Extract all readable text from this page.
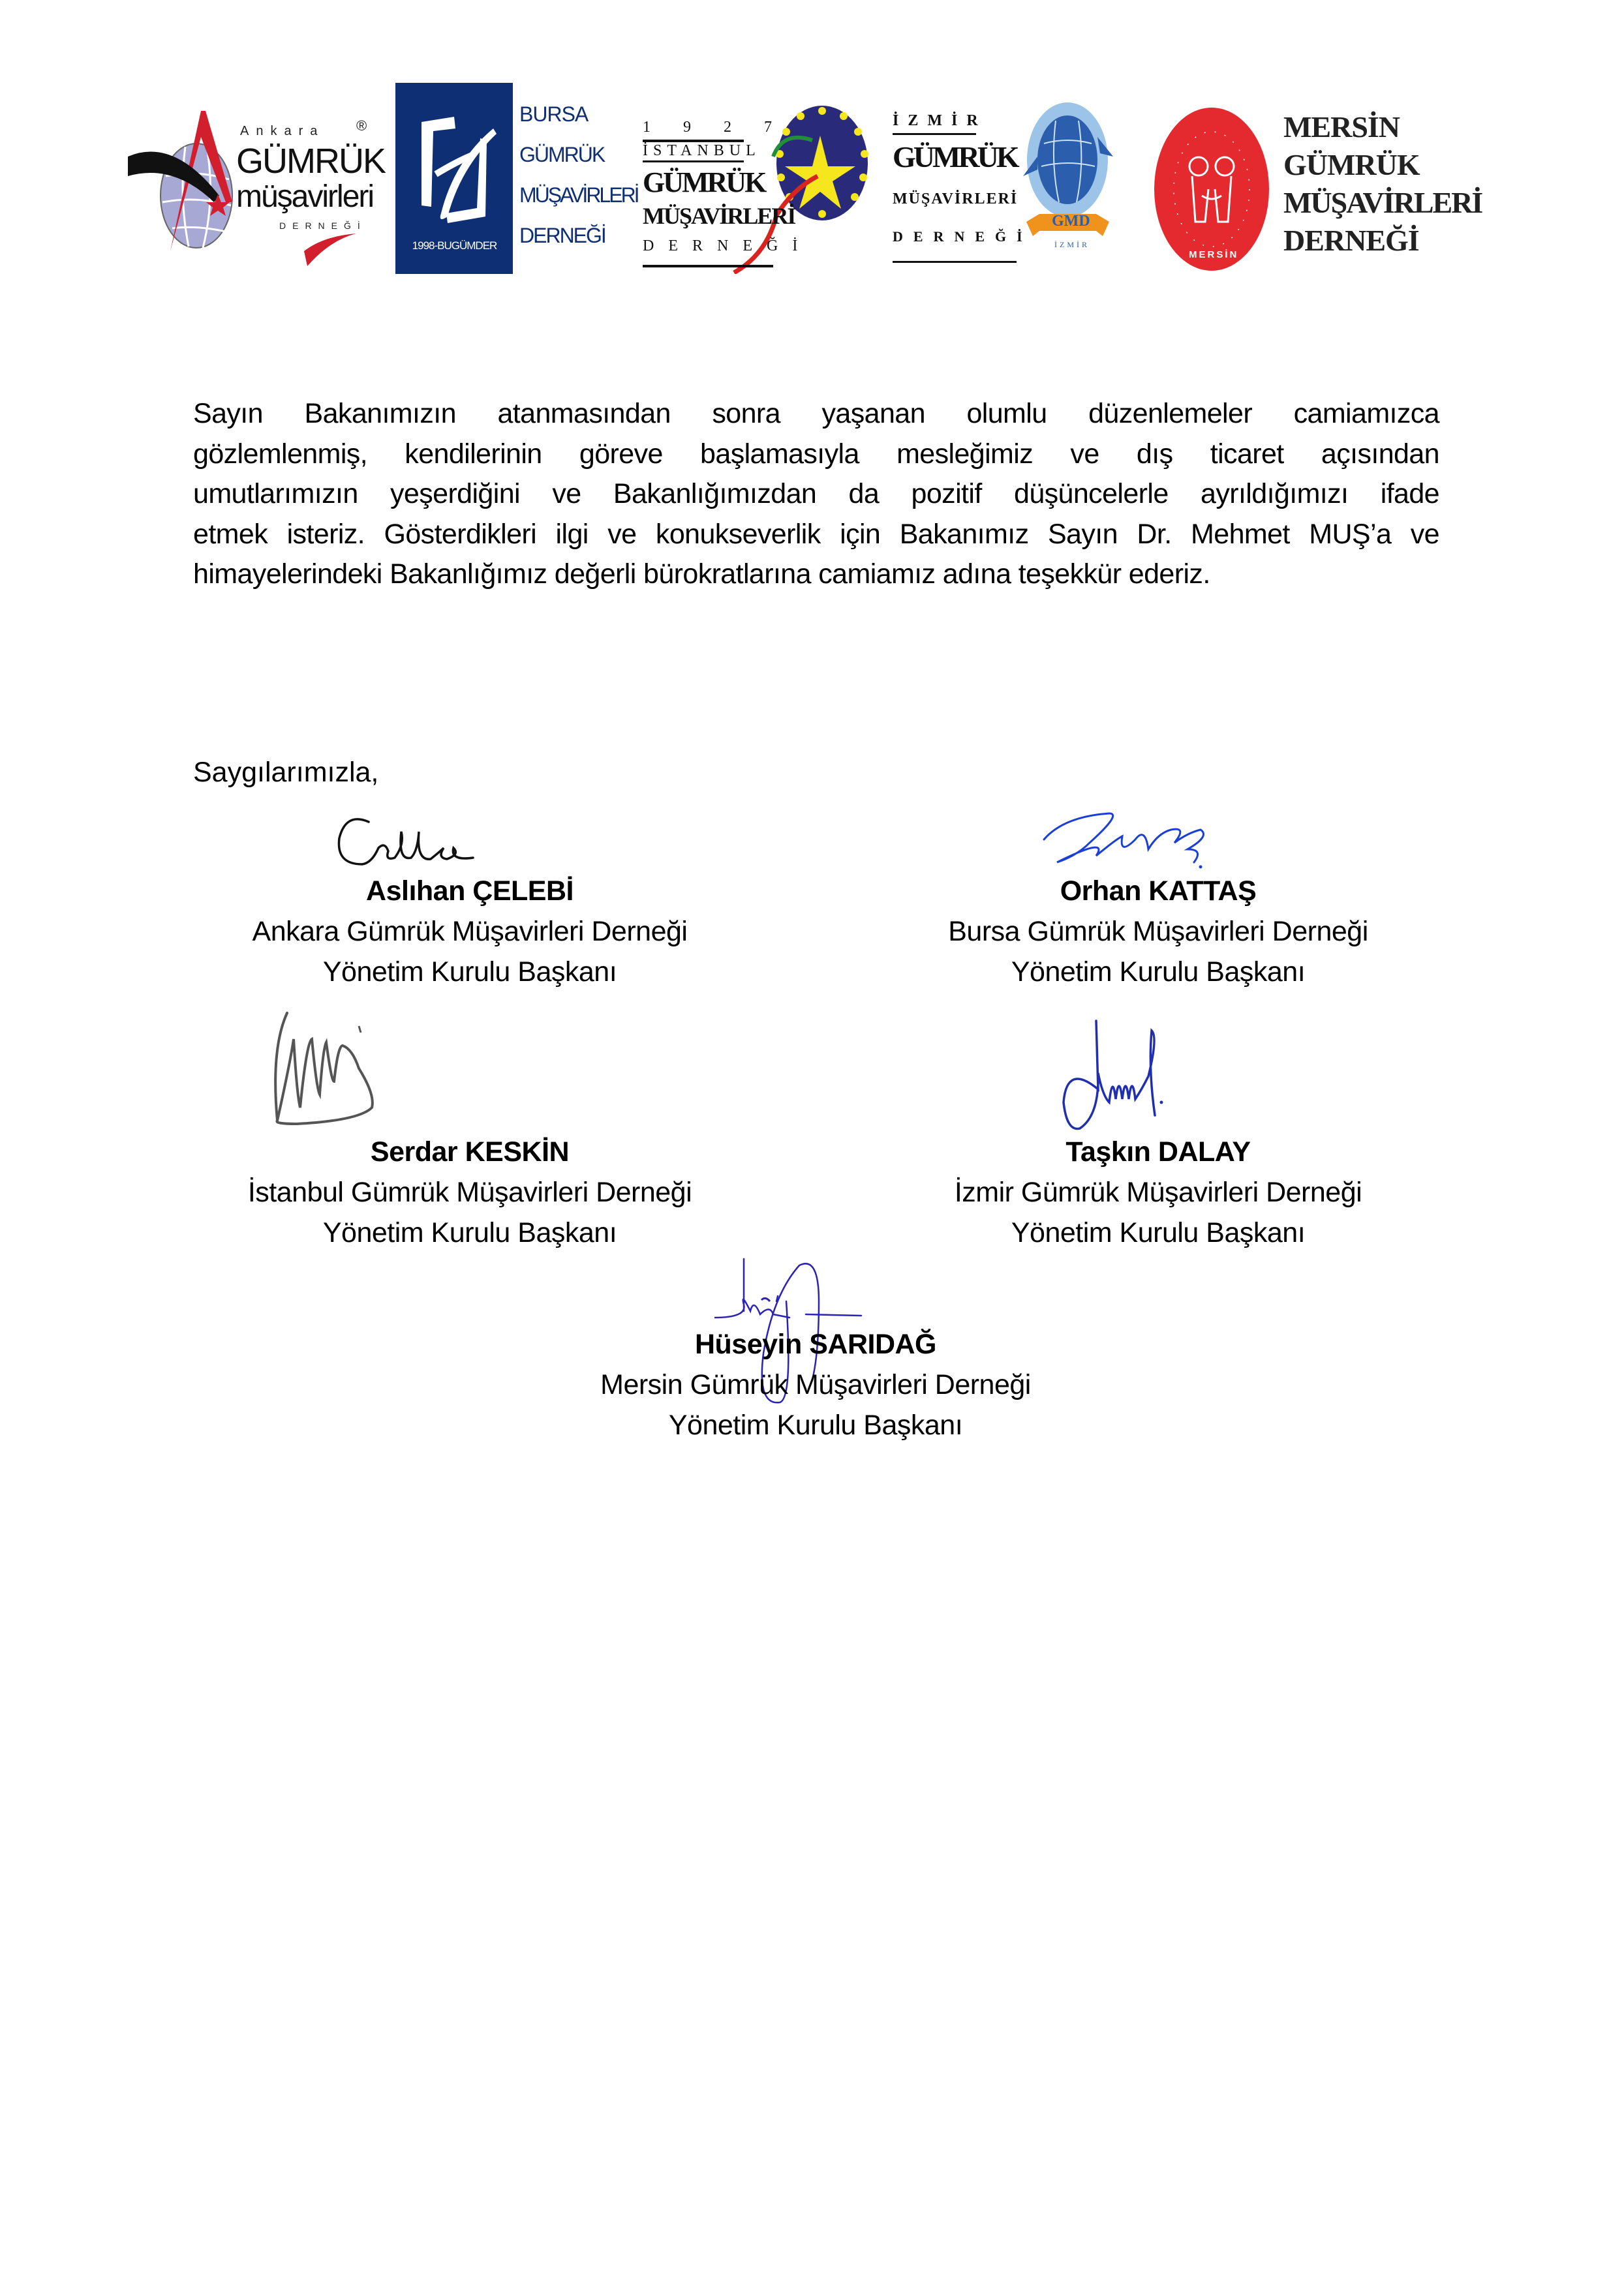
Ankara ®
GÜMRÜK
müşavirleri
DERNEĞİ
1998-BUGÜMDER
BURSA
GÜMRÜK
MÜŞAVİRLERİ
DERNEĞİ
1 9 2 7
İSTANBUL
GÜMRÜK
MÜŞAVİRLERİ
DERNEĞİ
GMD
İZMİR
İZMİR
GÜMRÜK
MÜŞAVİRLERİ
DERNEĞİ
MERSİN
MERSİN
GÜMRÜK
MÜŞAVİRLERİ
DERNEĞİ
Sayın Bakanımızın atanmasından sonra yaşanan olumlu düzenlemeler camiamızca
gözlemlenmiş, kendilerinin göreve başlamasıyla mesleğimiz ve dış ticaret açısından
umutlarımızın yeşerdiğini ve Bakanlığımızdan da pozitif düşüncelerle ayrıldığımızı ifade
etmek isteriz. Gösterdikleri ilgi ve konukseverlik için Bakanımız Sayın Dr. Mehmet MUŞ’a ve
himayelerindeki Bakanlığımız değerli bürokratlarına camiamız adına teşekkür ederiz.
Saygılarımızla,
Aslıhan ÇELEBİ
Ankara Gümrük Müşavirleri Derneği
Yönetim Kurulu Başkanı
Orhan KATTAŞ
Bursa Gümrük Müşavirleri Derneği
Yönetim Kurulu Başkanı
Serdar KESKİN
İstanbul Gümrük Müşavirleri Derneği
Yönetim Kurulu Başkanı
Taşkın DALAY
İzmir Gümrük Müşavirleri Derneği
Yönetim Kurulu Başkanı
Hüseyin SARIDAĞ
Mersin Gümrük Müşavirleri Derneği
Yönetim Kurulu Başkanı
